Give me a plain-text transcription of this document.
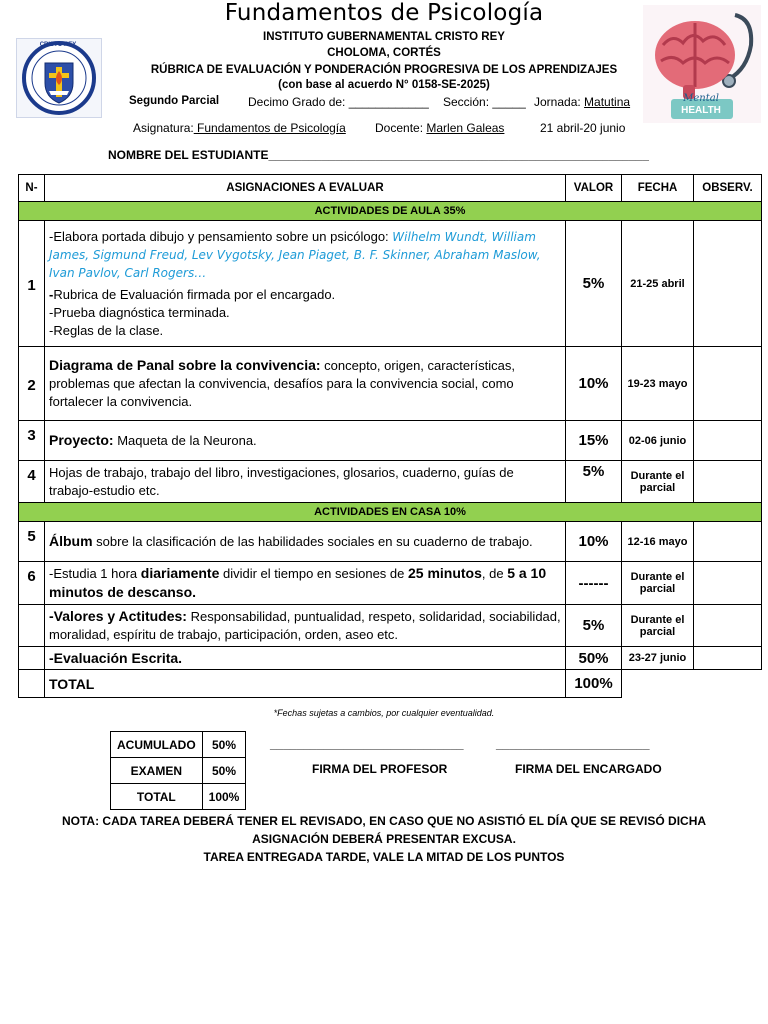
Fundamentos de Psicología
CRISTO REY
Mental
HEALTH
INSTITUTO GUBERNAMENTAL CRISTO REY
CHOLOMA, CORTÉS
RÚBRICA DE EVALUACIÓN Y PONDERACIÓN PROGRESIVA DE LOS APRENDIZAJES
(con base al acuerdo N° 0158-SE-2025)
Segundo Parcial Decimo Grado de: ____________ Sección: _____ Jornada: Matutina
Asignatura: Fundamentos de Psicología Docente: Marlen Galeas	21 abril-20 junio
NOMBRE DEL ESTUDIANTE_________________________________________________________
N-	ASIGNACIONES A EVALUAR	VALOR	FECHA	OBSERV.
ACTIVIDADES DE AULA 35%				
1	-Elabora portada dibujo y pensamiento sobre un psicólogo: Wilhelm Wundt, William James, Sigmund Freud, Lev Vygotsky, Jean Piaget, B. F. Skinner, Abraham Maslow, Ivan Pavlov, Carl Rogers…
-Rubrica de Evaluación firmada por el encargado.
-Prueba diagnóstica terminada.
-Reglas de la clase.	5%	21-25 abril	
2	Diagrama de Panal sobre la convivencia: concepto, origen, características, problemas que afectan la convivencia, desafíos para la convivencia social, como fortalecer la convivencia.	10%	19-23 mayo	
3	Proyecto: Maqueta de la Neurona.	15%	02-06 junio	
4	Hojas de trabajo, trabajo del libro, investigaciones, glosarios, cuaderno, guías de trabajo-estudio etc.	5%	Durante el parcial	
ACTIVIDADES EN CASA 10%				
5	Álbum sobre la clasificación de las habilidades sociales en su cuaderno de trabajo.	10%	12-16 mayo	
6	-Estudia 1 hora diariamente dividir el tiempo en sesiones de 25 minutos, de 5 a 10 minutos de descanso.	------	Durante el parcial	
	-Valores y Actitudes: Responsabilidad, puntualidad, respeto, solidaridad, sociabilidad, moralidad, espíritu de trabajo, participación, orden, aseo etc.	5%	Durante el parcial	
	-Evaluación Escrita.	50%	23-27 junio	
	TOTAL	100%		
*Fechas sujetas a cambios, por cualquier eventualidad.
ACUMULADO	50%
EXAMEN	50%
TOTAL	100%
_____________________________	_______________________
FIRMA DEL PROFESOR	FIRMA DEL ENCARGADO
NOTA: CADA TAREA DEBERÁ TENER EL REVISADO, EN CASO QUE NO ASISTIÓ EL DÍA QUE SE REVISÓ DICHA
ASIGNACIÓN DEBERÁ PRESENTAR EXCUSA.
TAREA ENTREGADA TARDE, VALE LA MITAD DE LOS PUNTOS
